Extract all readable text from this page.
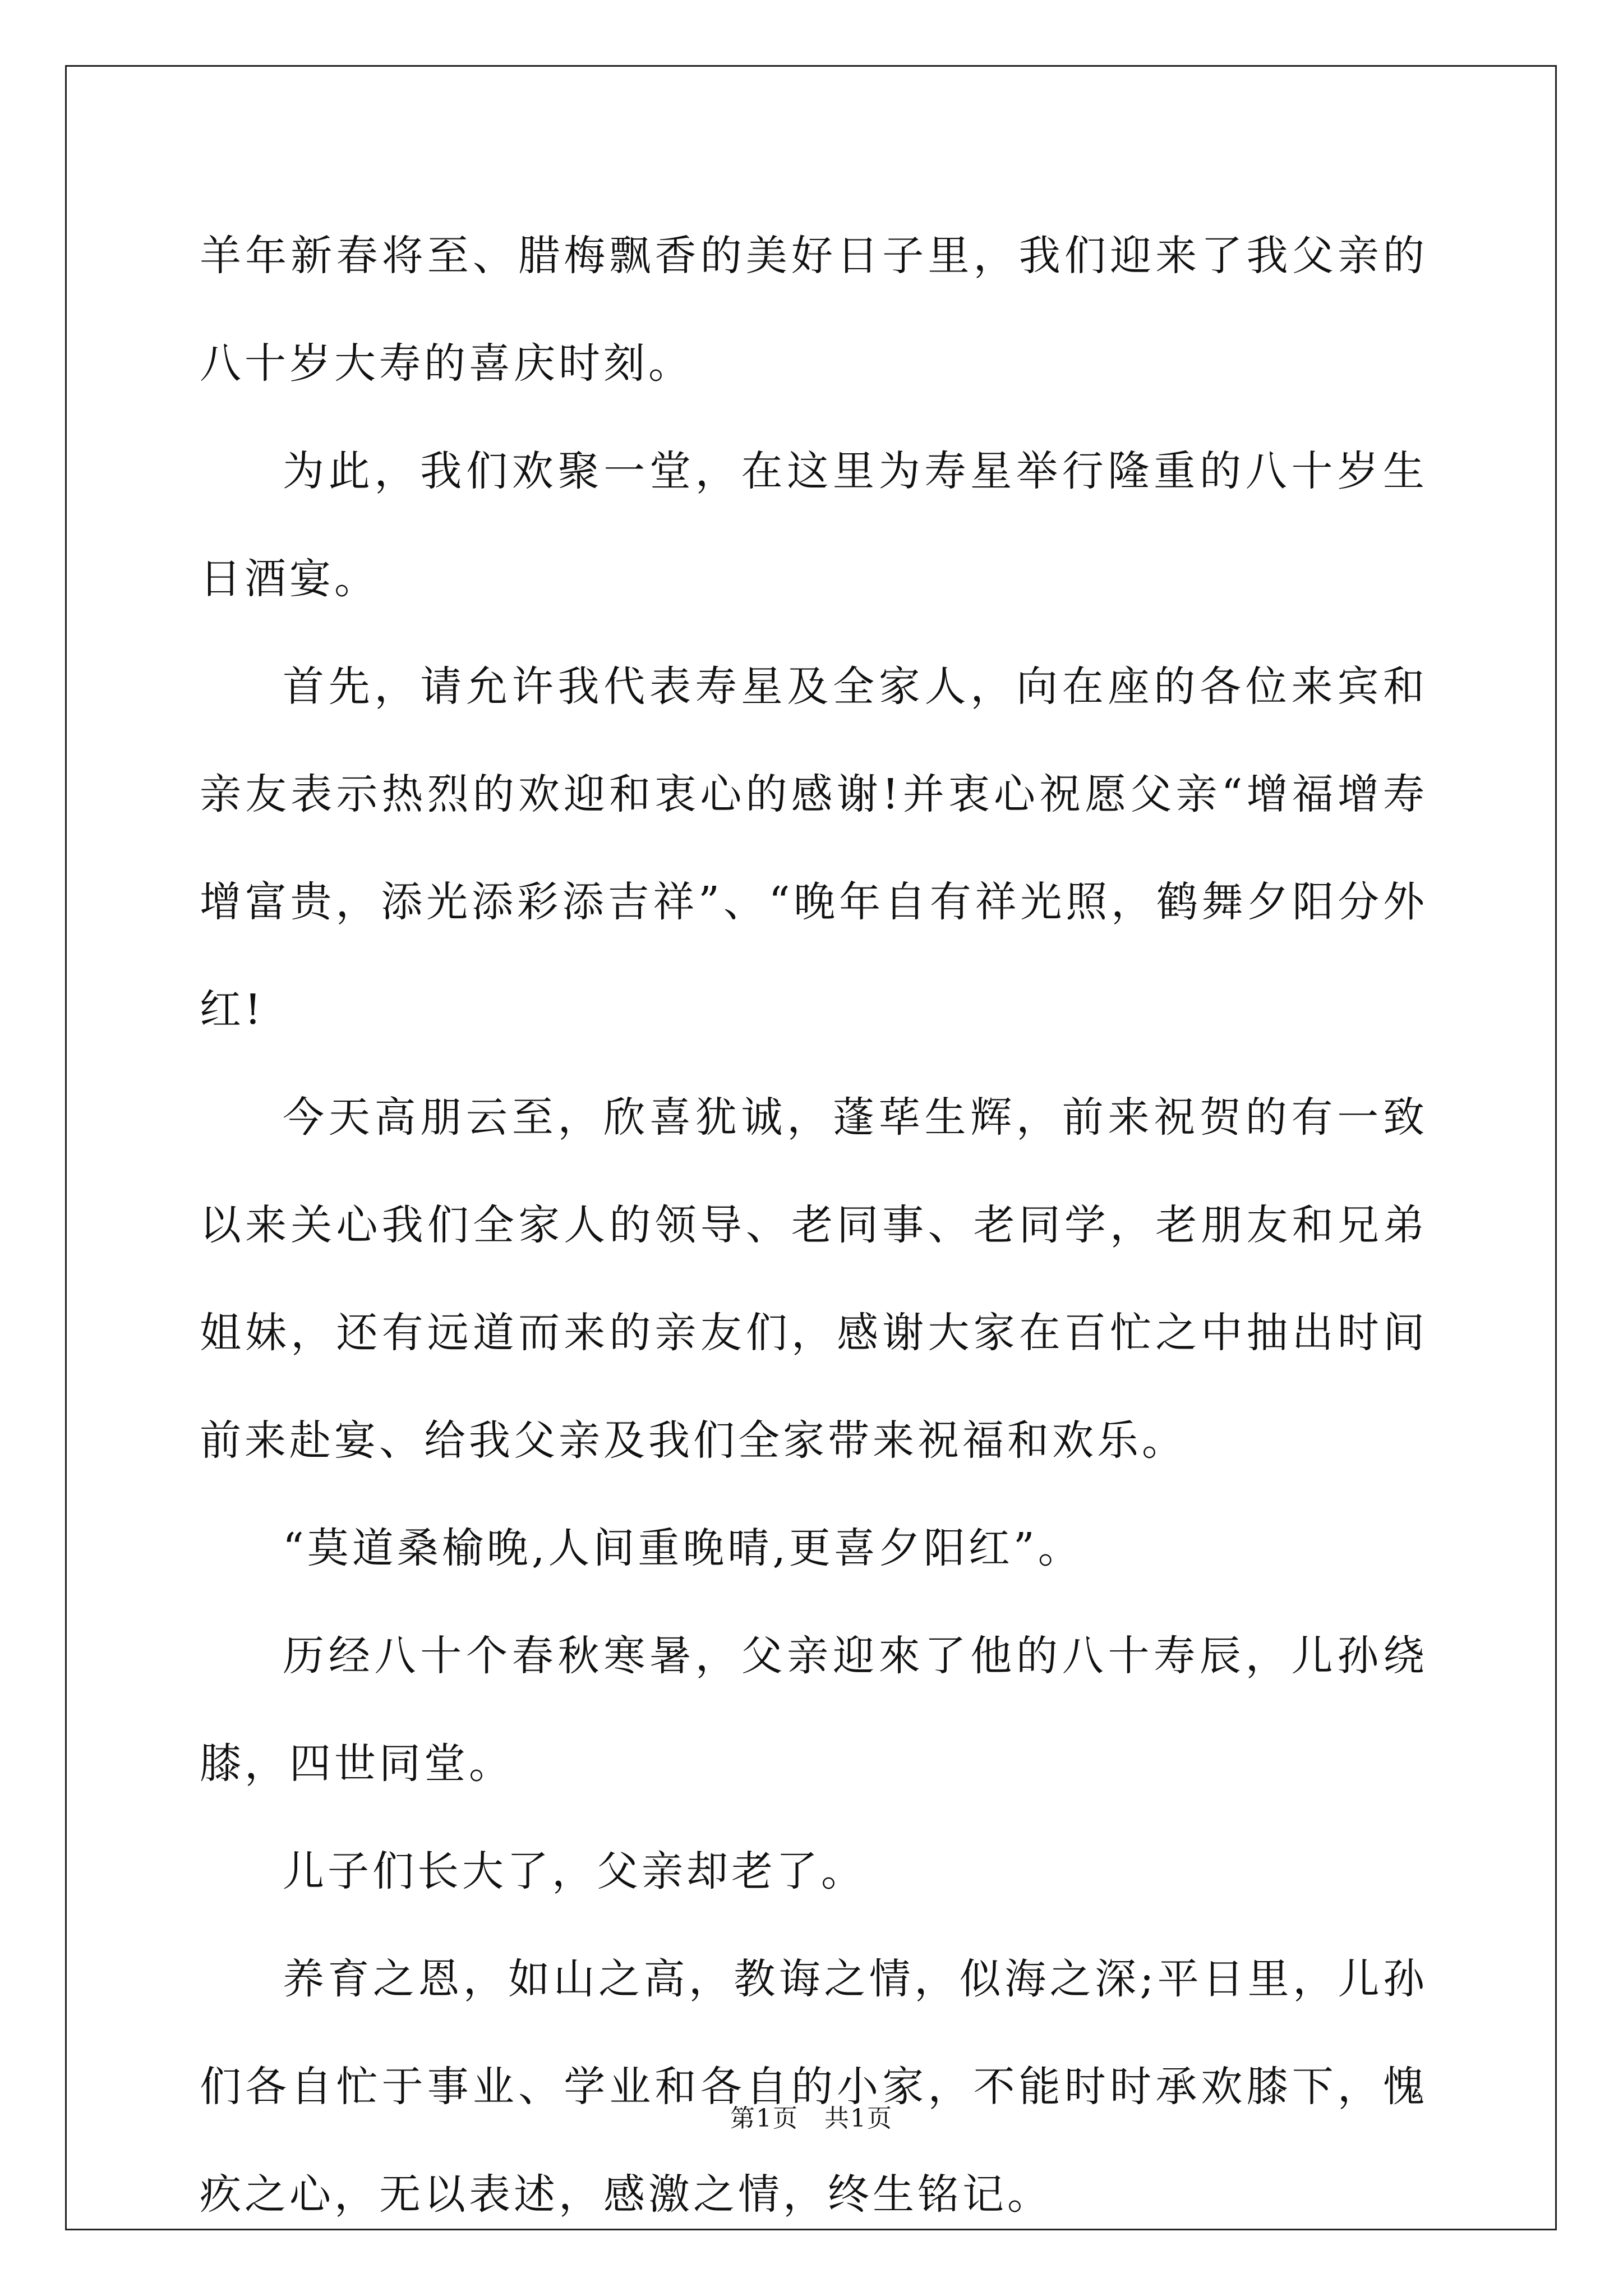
羊年新春将至、腊梅飘香的美好日子里，我们迎来了我父亲的八十岁大寿的喜庆时刻。

为此，我们欢聚一堂，在这里为寿星举行隆重的八十岁生日酒宴。

首先，请允许我代表寿星及全家人，向在座的各位来宾和亲友表示热烈的欢迎和衷心的感谢!并衷心祝愿父亲“增福增寿增富贵，添光添彩添吉祥”、“晚年自有祥光照，鹤舞夕阳分外红!

今天高朋云至，欣喜犹诚，蓬荜生辉，前来祝贺的有一致以来关心我们全家人的领导、老同事、老同学，老朋友和兄弟姐妹，还有远道而来的亲友们，感谢大家在百忙之中抽出时间前来赴宴、给我父亲及我们全家带来祝福和欢乐。

“莫道桑榆晚,人间重晚晴,更喜夕阳红”。

历经八十个春秋寒暑，父亲迎來了他的八十寿辰，儿孙绕膝，四世同堂。

儿子们长大了，父亲却老了。

养育之恩，如山之高，教诲之情，似海之深;平日里，儿孙们各自忙于事业、学业和各自的小家，不能时时承欢膝下，愧疚之心，无以表述，感激之情，终生铭记。

第1页　共1页
